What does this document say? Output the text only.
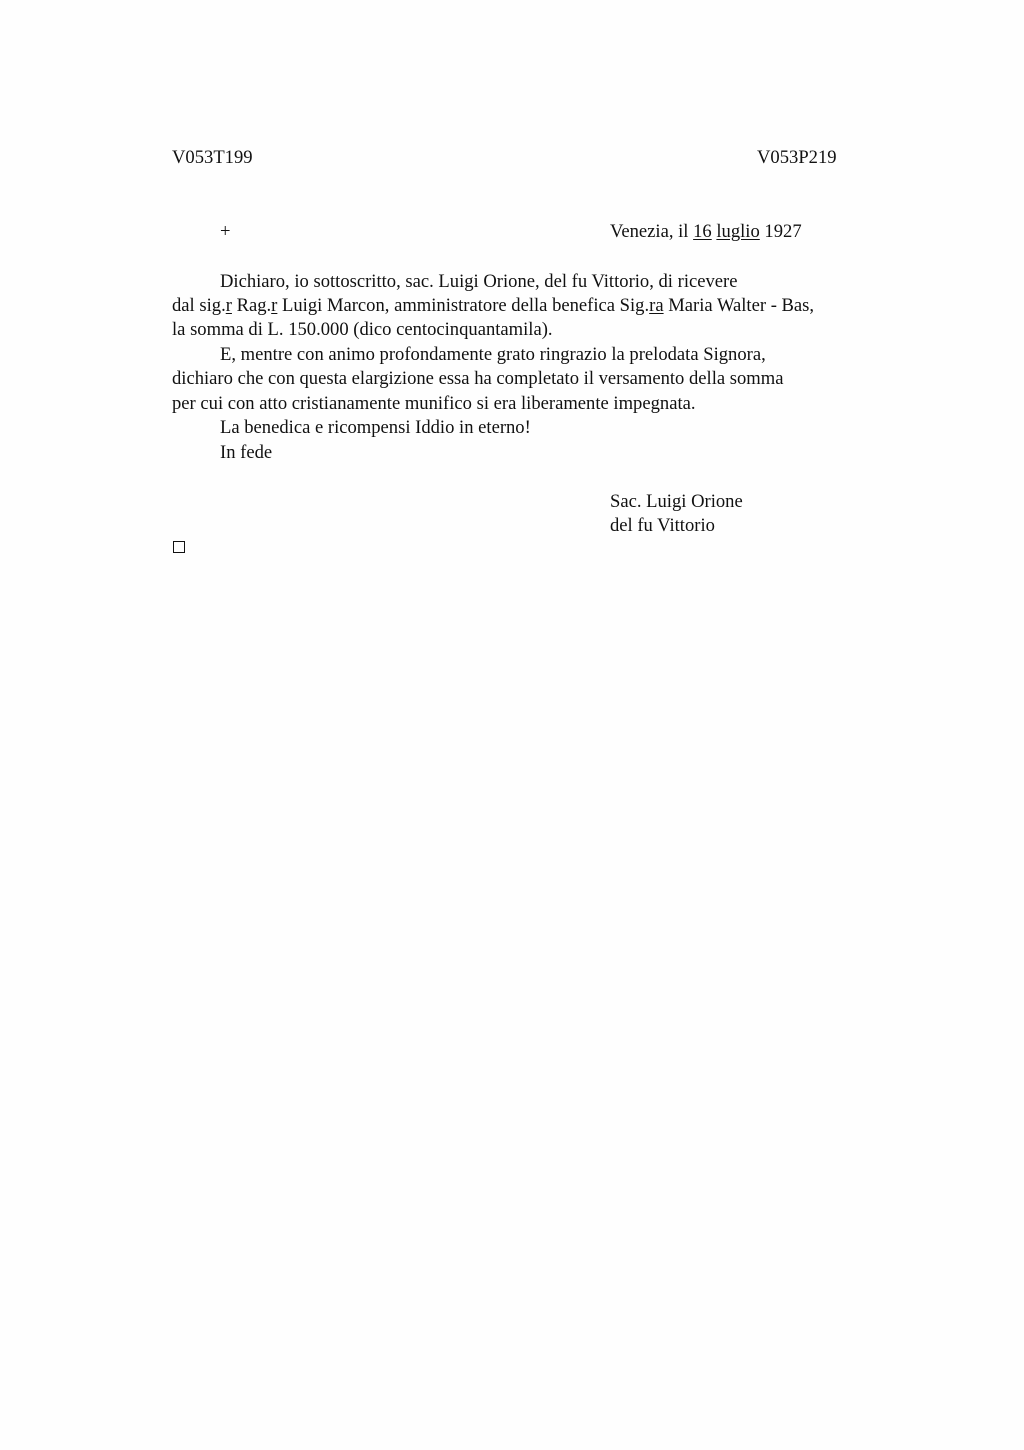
V053T199	V053P219
+	Venezia, il 16 luglio 1927
Dichiaro, io sottoscritto, sac. Luigi Orione, del fu Vittorio, di ricevere
dal sig.r Rag.r Luigi Marcon, amministratore della benefica Sig.ra Maria Walter - Bas,
la somma di L. 150.000 (dico centocinquantamila).
E, mentre con animo profondamente grato ringrazio la prelodata Signora,
dichiaro che con questa elargizione essa ha completato il versamento della somma
per cui con atto cristianamente munifico si era liberamente impegnata.
La benedica e ricompensi Iddio in eterno!
In fede
Sac. Luigi Orione
del fu Vittorio
